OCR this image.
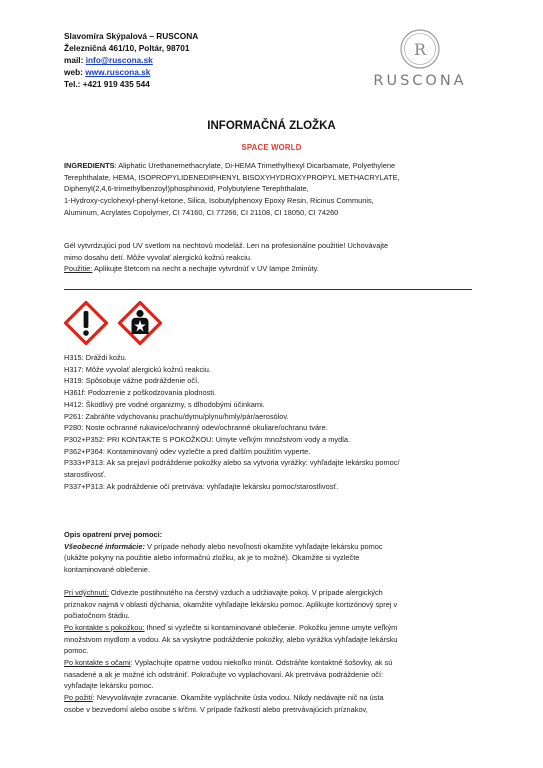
Slavomíra Skýpalová – RUSCONA
Železničná 461/10, Poltár, 98701
mail: info@ruscona.sk
web: www.ruscona.sk
Tel.: +421 919 435 544
R
RUSCONA
INFORMAČNÁ ZLOŽKA
SPACE WORLD
INGREDIENTS: Aliphatic Urethanemethacrylate, Di-HEMA Trimethylhexyl Dicarbamate, Polyethylene
Terephthalate, HEMA, ISOPROPYLIDENEDIPHENYL BISOXYHYDROXYPROPYL METHACRYLATE,
Diphenyl(2,4,6-trimethylbenzoyl)phosphinoxid, Polybutylene Terephthalate,
1-Hydroxy-cyclohexyl-phenyl-ketone, Silica, Isobutylphenoxy Epoxy Resin, Ricinus Communis,
Aluminum, Acrylates Copolymer, CI 74160, CI 77266, CI 21108, CI 18050, CI 74260
Gél vytvrdzujúci pod UV svetlom na nechtovú modeláž. Len na profesionálne použitie! Uchovávajte
mimo dosahu detí. Môže vyvolať alergickú kožnú reakciu.
Použitie: Aplikujte štetcom na necht a nechajte vytvrdnúť v UV lampe 2minúty.
H315: Dráždi kožu.
H317: Môže vyvolať alergickú kožnú reakciu.
H319: Spôsobuje vážne podráždenie očí.
H361f: Podozrenie z poškodzovania plodnosti.
H412: Škodlivý pre vodné organizmy, s dlhodobými účinkami.
P261: Zabráňte vdychovaniu prachu/dymu/plynu/hmly/pár/aerosólov.
P280: Noste ochranné rukavice/ochranný odev/ochranné okuliare/ochranu tváre.
P302+P352: PRI KONTAKTE S POKOŽKOU: Umyte veľkým množstvom vody a mydla.
P362+P364: Kontaminovaný odev vyzlečte a pred ďalším použitím vyperte.
P333+P313: Ak sa prejaví podráždenie pokožky alebo sa vytvoria vyrážky: vyhľadajte lekársku pomoc/
starostlivosť.
P337+P313: Ak podráždenie očí pretrváva: vyhľadajte lekársku pomoc/starostlivosť.
Opis opatrení prvej pomoci:
Všeobecné informácie: V prípade nehody alebo nevoľnosti okamžite vyhľadajte lekársku pomoc
(ukážte pokyny na použitie alebo informačnú zložku, ak je to možné). Okamžite si vyzlečte
kontaminované oblečenie.
Pri vdýchnutí: Odvezte postihnutého na čerstvý vzduch a udržiavajte pokoj. V prípade alergických
príznakov najmä v oblasti dýchania, okamžite vyhľadajte lekársku pomoc. Aplikujte kortizónový sprej v
počiatočnom štádiu.
Po kontakte s pokožkou: Ihneď si vyzlečte si kontaminované oblečenie. Pokožku jemne umyte veľkým
množstvom mydlom a vodou. Ak sa vyskytne podráždenie pokožky, alebo vyrážka vyhľadajte lekársku
pomoc.
Po kontakte s očami: Vyplachujte opatrne vodou niekoľko minút. Odstráňte kontaktné šošovky, ak sú
nasadené a ak je možné ich odstrániť. Pokračujte vo vyplachovaní. Ak pretrváva podráždenie očí:
vyhľadajte lekársku pomoc.
Po požití: Nevyvolávajte zvracanie. Okamžite vypláchnite ústa vodou. Nikdy nedávajte nič na ústa
osobe v bezvedomí alebo osobe s kŕčmi. V prípade ťažkostí alebo pretrvávajúcich príznakov,
